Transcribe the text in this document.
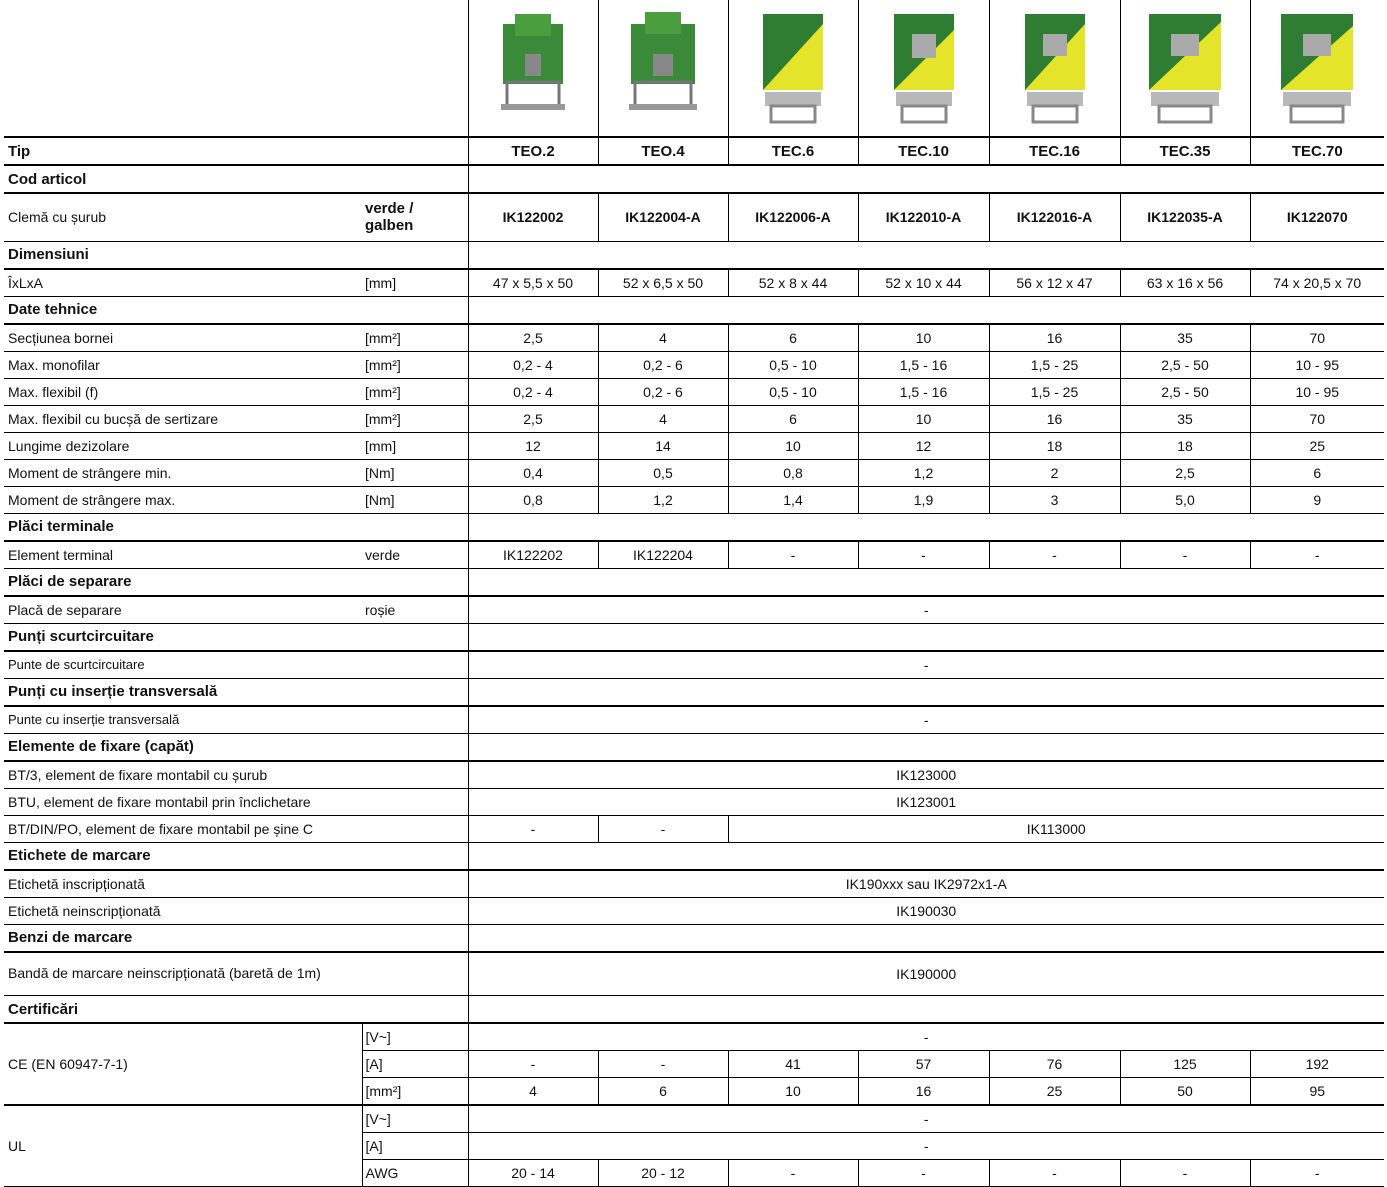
Tip		TEO.2	TEO.4	TEC.6	TEC.10	TEC.16	TEC.35	TEC.70
Cod articol								
Clemă cu șurub	verde / galben	IK122002	IK122004-A	IK122006-A	IK122010-A	IK122016-A	IK122035-A	IK122070
Dimensiuni								
ÎxLxA	[mm]	47 x 5,5 x 50	52 x 6,5 x 50	52 x 8 x 44	52 x 10 x 44	56 x 12 x 47	63 x 16 x 56	74 x 20,5 x 70
Date tehnice								
Secțiunea bornei	[mm²]	2,5	4	6	10	16	35	70
Max. monofilar	[mm²]	0,2 - 4	0,2 - 6	0,5 - 10	1,5 - 16	1,5 - 25	2,5 - 50	10 - 95
Max. flexibil (f)	[mm²]	0,2 - 4	0,2 - 6	0,5 - 10	1,5 - 16	1,5 - 25	2,5 - 50	10 - 95
Max. flexibil cu bucșă de sertizare	[mm²]	2,5	4	6	10	16	35	70
Lungime dezizolare	[mm]	12	14	10	12	18	18	25
Moment de strângere min.	[Nm]	0,4	0,5	0,8	1,2	2	2,5	6
Moment de strângere max.	[Nm]	0,8	1,2	1,4	1,9	3	5,0	9
Plăci terminale								
Element terminal	verde	IK122202	IK122204	-	-	-	-	-
Plăci de separare								
Placă de separare	roșie	-						
Punți scurtcircuitare								
Punte de scurtcircuitare		-						
Punți cu inserție transversală								
Punte cu inserție transversală		-						
Elemente de fixare (capăt)								
BT/3, element de fixare montabil cu șurub		IK123000						
BTU, element de fixare montabil prin înclichetare		IK123001						
BT/DIN/PO, element de fixare montabil pe șine C		-	-	IK113000				
Etichete de marcare								
Etichetă inscripționată		IK190xxx sau IK2972x1-A						
Etichetă neinscripționată		IK190030						
Benzi de marcare								
Bandă de marcare neinscripționată (baretă de 1m)		IK190000						
Certificări								
CE (EN 60947-7-1)	[V~]	-						
	[A]	-	-	41	57	76	125	192
	[mm²]	4	6	10	16	25	50	95
UL	[V~]	-						
	[A]	-						
	AWG	20 - 14	20 - 12	-	-	-	-	-
